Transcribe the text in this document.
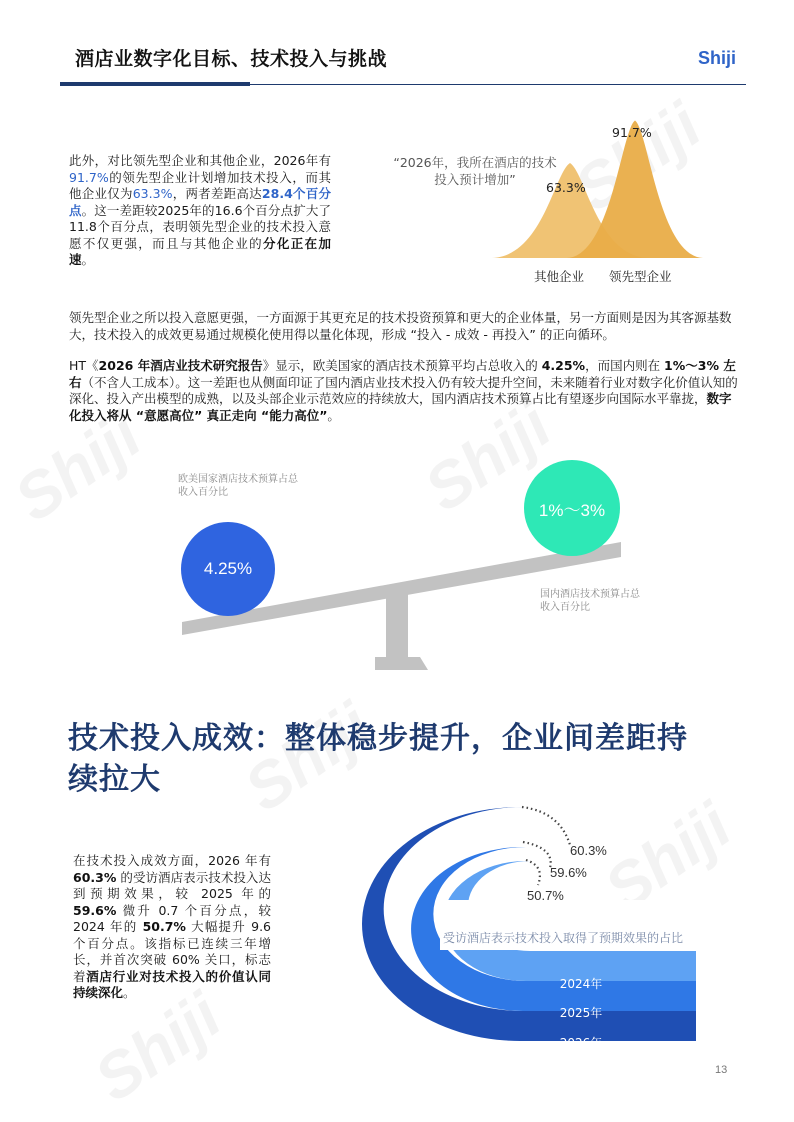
酒店业数字化目标、技术投入与挑战	Shiji
此外，对比领先型企业和其他企业，2026年有91.7%的领先型企业计划增加技术投入，而其他企业仅为63.3%，两者差距高达28.4个百分点。这一差距较2025年的16.6个百分点扩大了11.8个百分点，表明领先型企业的技术投入意愿不仅更强，而且与其他企业的分化正在加速。
“2026年，我所在酒店的技术投入预计增加”
63.3%
91.7%
其他企业 领先型企业
领先型企业之所以投入意愿更强，一方面源于其更充足的技术投资预算和更大的企业体量，另一方面则是因为其客源基数大，技术投入的成效更易通过规模化使用得以量化体现，形成 “投入 - 成效 - 再投入” 的正向循环。
HT《2026 年酒店业技术研究报告》显示，欧美国家的酒店技术预算平均占总收入的 4.25%，而国内则在 1%～3% 左右（不含人工成本）。这一差距也从侧面印证了国内酒店业技术投入仍有较大提升空间，未来随着行业对数字化价值认知的深化、投入产出模型的成熟，以及头部企业示范效应的持续放大，国内酒店技术预算占比有望逐步向国际水平靠拢，数字化投入将从 “意愿高位” 真正走向 “能力高位”。
欧美国家酒店技术预算占总收入百分比
4.25%
1%～3%
国内酒店技术预算占总收入百分比
技术投入成效：整体稳步提升，企业间差距持续拉大
在技术投入成效方面，2026 年有 60.3% 的受访酒店表示技术投入达到预期效果，较 2025 年的 59.6% 微升 0.7 个百分点，较 2024 年的 50.7% 大幅提升 9.6 个百分点。该指标已连续三年增长，并首次突破 60% 关口，标志着酒店行业对技术投入的价值认同持续深化。
60.3%
59.6%
50.7%
受访酒店表示技术投入取得了预期效果的占比
2024年
2025年
2026年
13
